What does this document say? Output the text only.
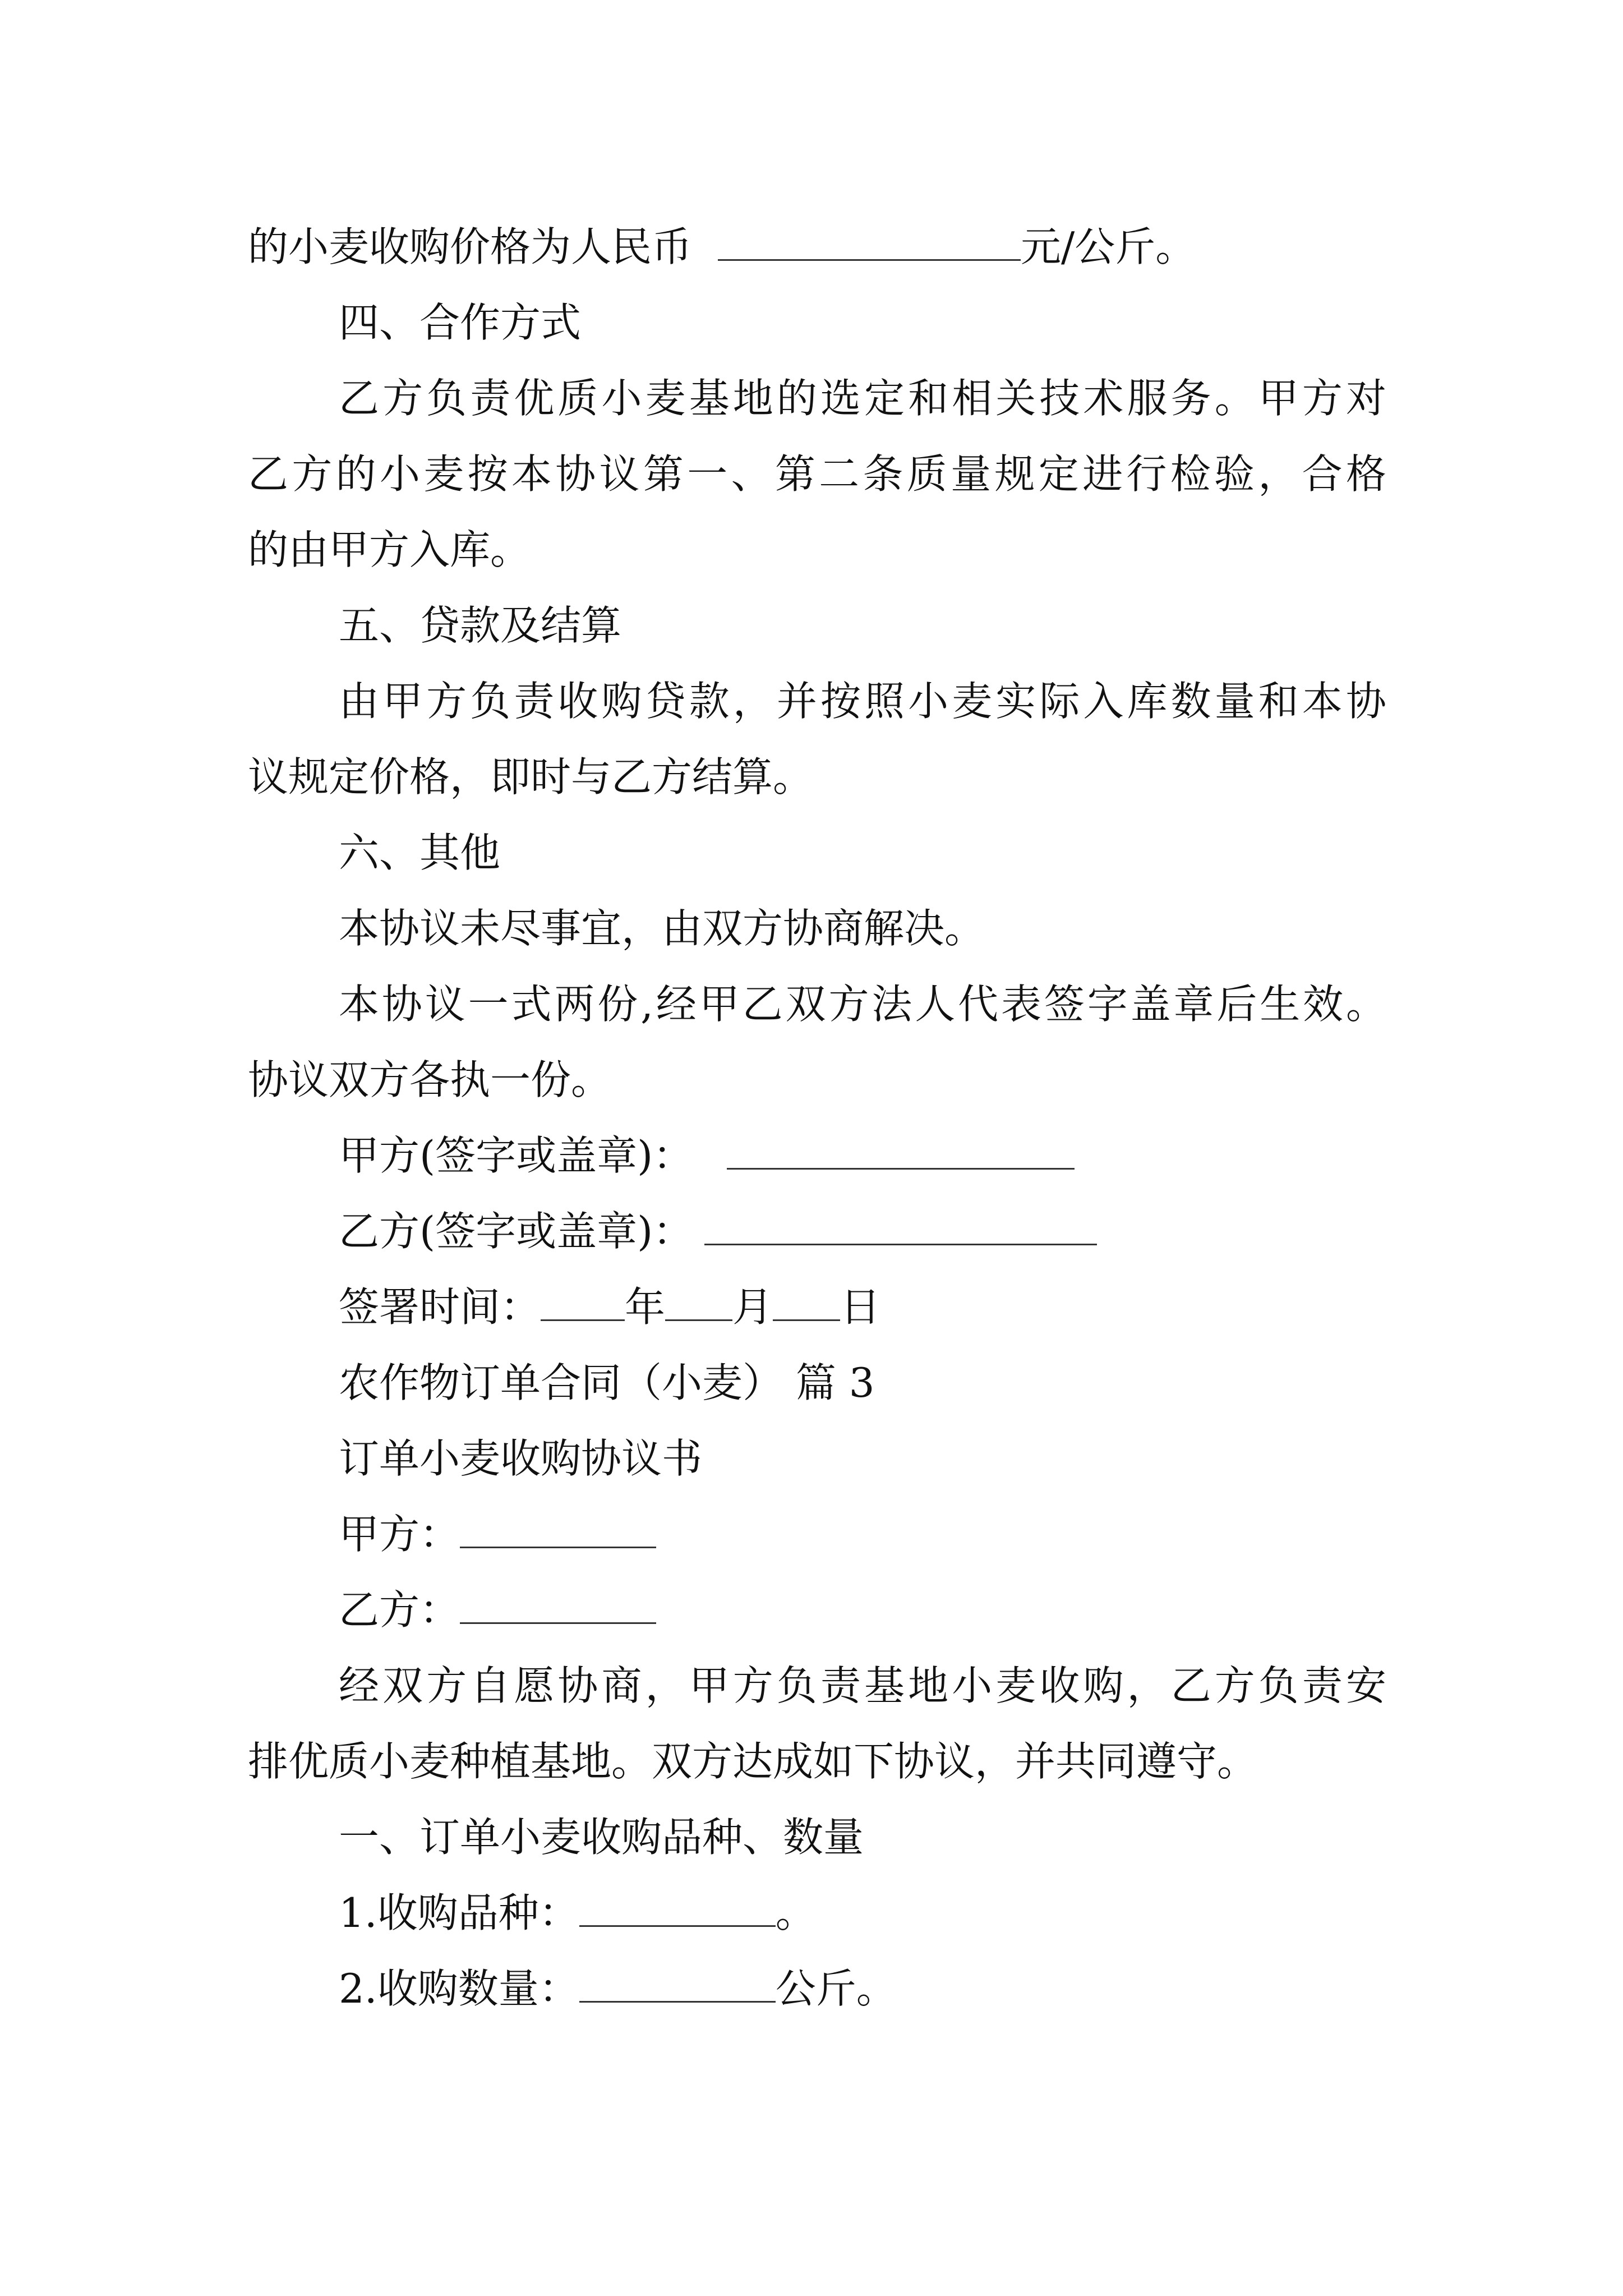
的小麦收购价格为人民币	元/公斤。
四、合作方式
乙方负责优质小麦基地的选定和相关技术服务。甲方对
乙方的小麦按本协议第一、第二条质量规定进行检验，合格
的由甲方入库。
五、贷款及结算
由甲方负责收购贷款，并按照小麦实际入库数量和本协
议规定价格，即时与乙方结算。
六、其他
本协议未尽事宜，由双方协商解决。
本协议一式两份,经甲乙双方法人代表签字盖章后生效。
协议双方各执一份。
甲方(签字或盖章)：
乙方(签字或盖章)：
签署时间： 年 月 日
农作物订单合同（小麦） 篇 3
订单小麦收购协议书
甲方：
乙方：
经双方自愿协商，甲方负责基地小麦收购，乙方负责安
排优质小麦种植基地。双方达成如下协议，并共同遵守。
一、订单小麦收购品种、数量
1.收购品种：	。
2.收购数量：	公斤。
